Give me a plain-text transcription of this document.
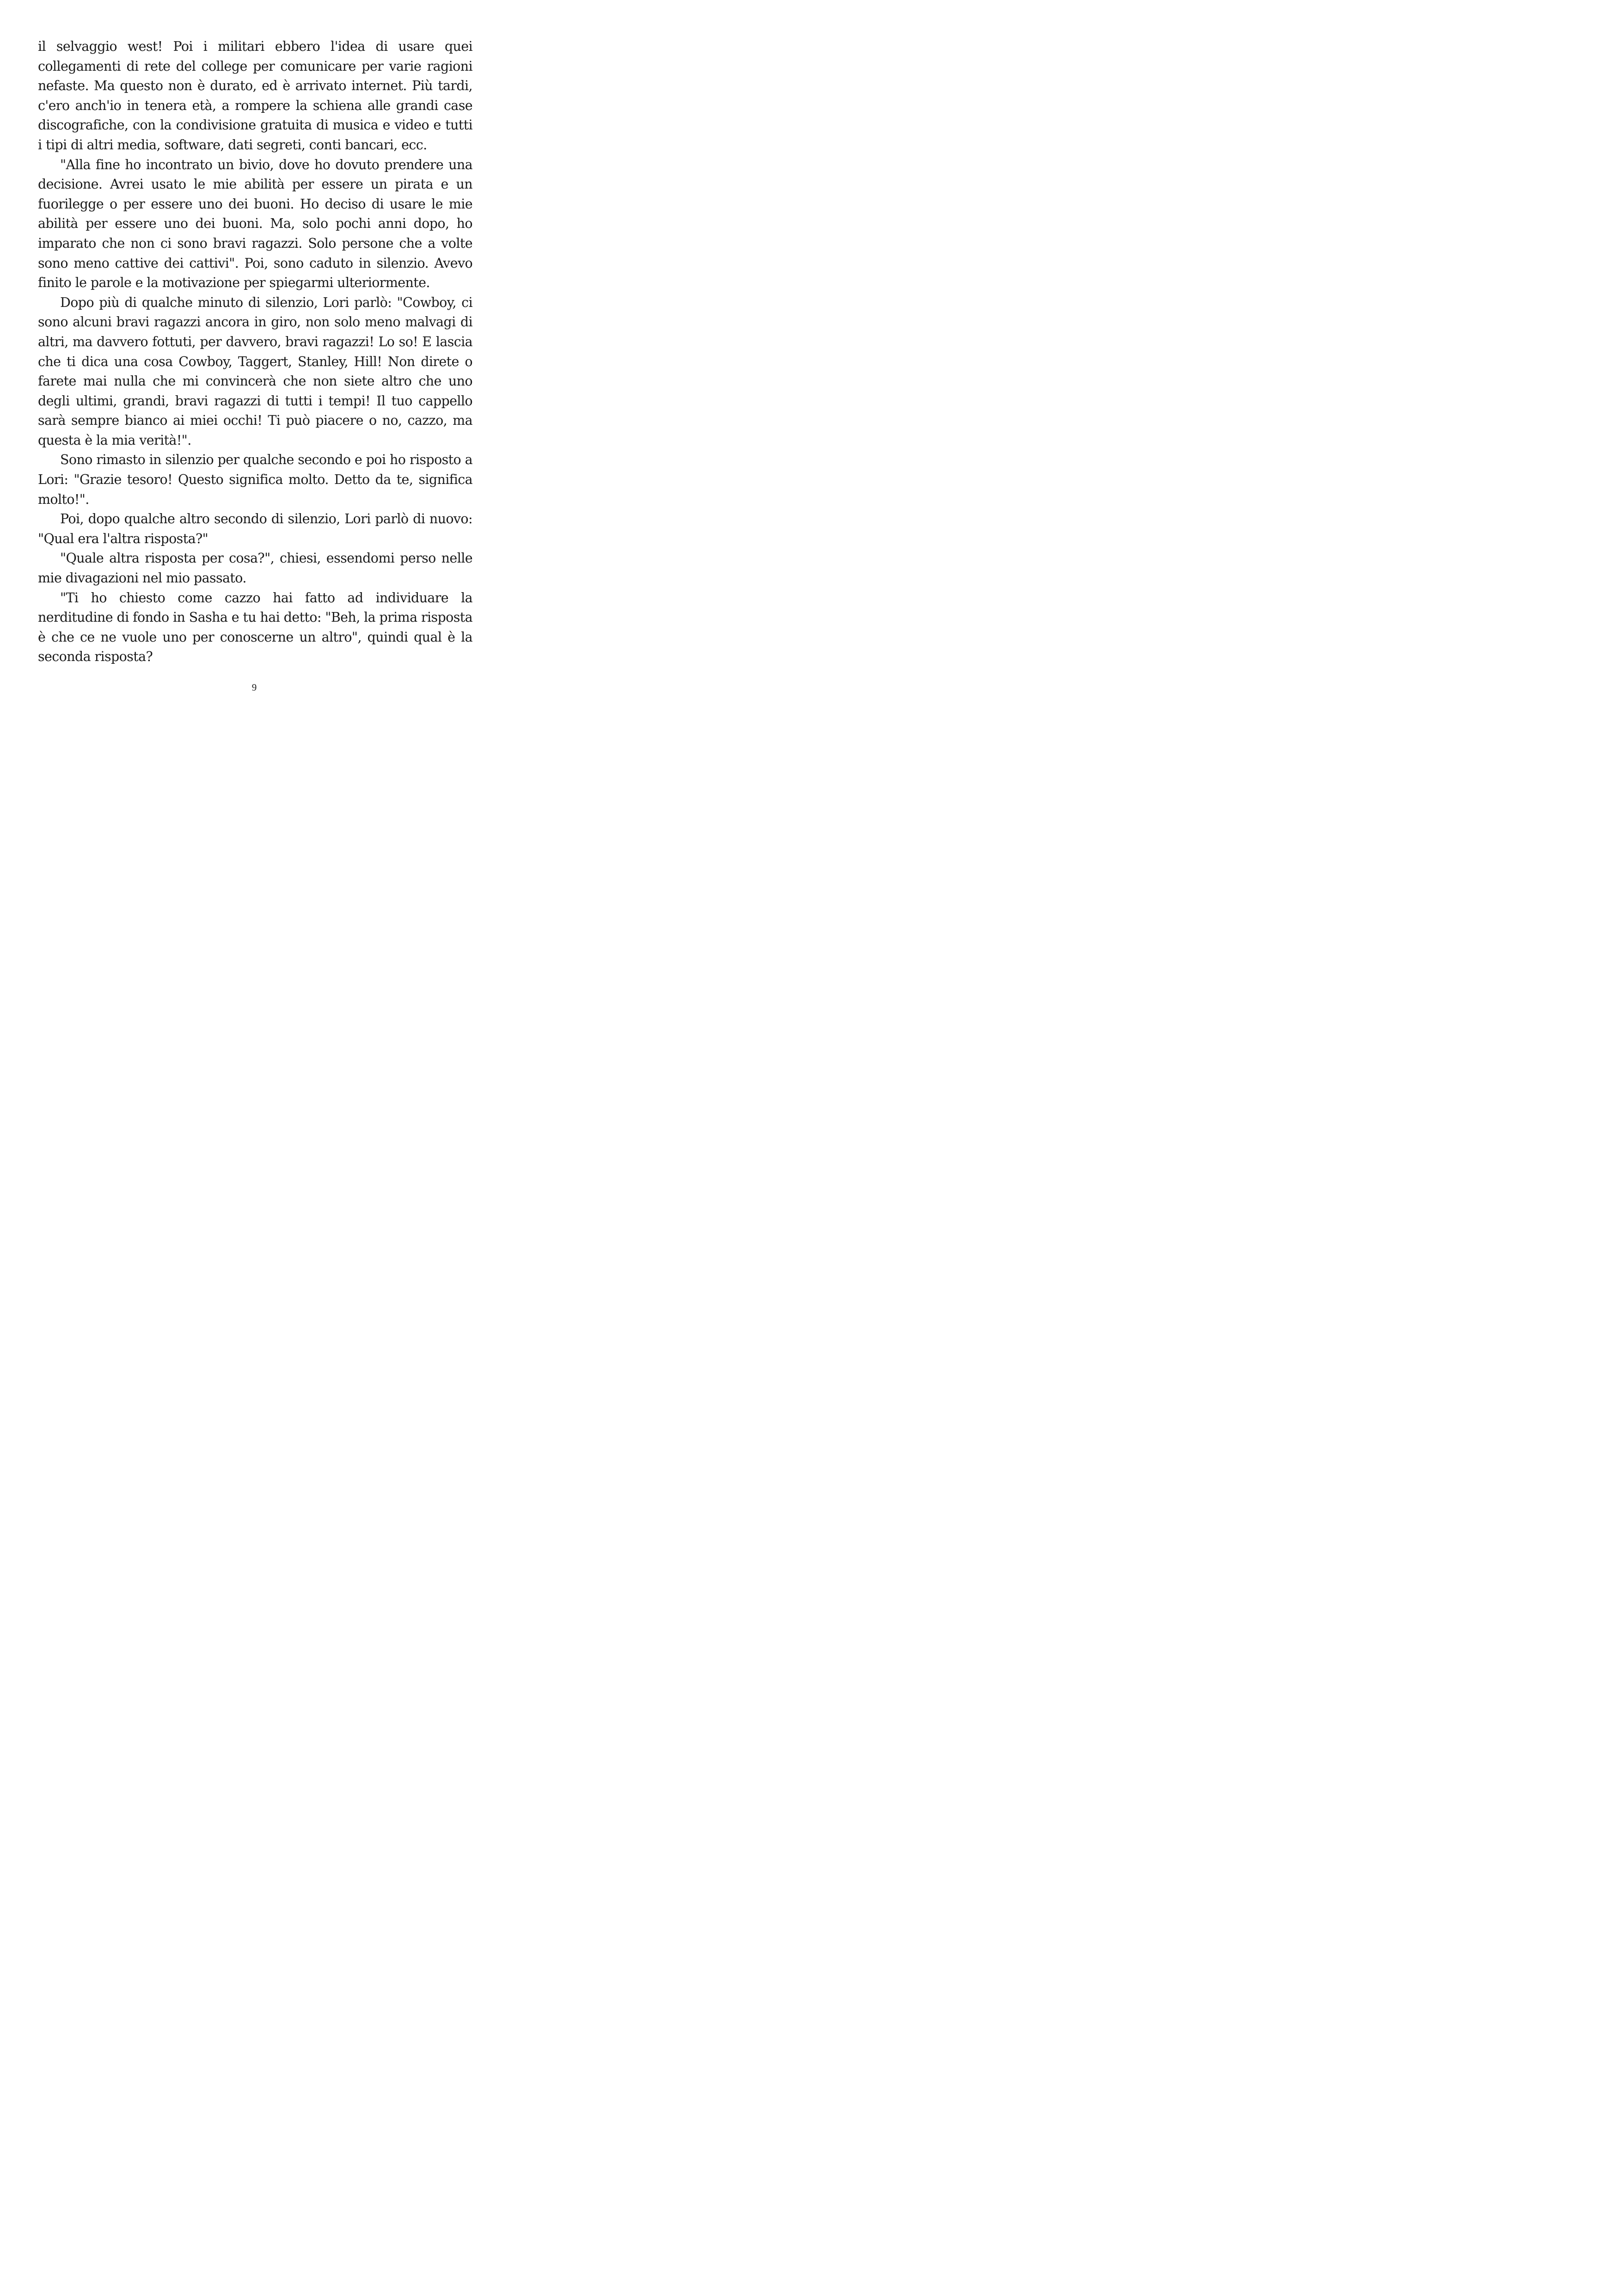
il selvaggio west! Poi i militari ebbero l'idea di usare quei collegamenti di rete del college per comunicare per varie ragioni nefaste. Ma questo non è durato, ed è arrivato internet. Più tardi, c'ero anch'io in tenera età, a rompere la schiena alle grandi case discografiche, con la condivisione gratuita di musica e video e tutti i tipi di altri media, software, dati segreti, conti bancari, ecc.

"Alla fine ho incontrato un bivio, dove ho dovuto prendere una decisione. Avrei usato le mie abilità per essere un pirata e un fuorilegge o per essere uno dei buoni. Ho deciso di usare le mie abilità per essere uno dei buoni. Ma, solo pochi anni dopo, ho imparato che non ci sono bravi ragazzi. Solo persone che a volte sono meno cattive dei cattivi". Poi, sono caduto in silenzio. Avevo finito le parole e la motivazione per spiegarmi ulteriormente.

Dopo più di qualche minuto di silenzio, Lori parlò: "Cowboy, ci sono alcuni bravi ragazzi ancora in giro, non solo meno malvagi di altri, ma davvero fottuti, per davvero, bravi ragazzi! Lo so! E lascia che ti dica una cosa Cowboy, Taggert, Stanley, Hill! Non direte o farete mai nulla che mi convincerà che non siete altro che uno degli ultimi, grandi, bravi ragazzi di tutti i tempi! Il tuo cappello sarà sempre bianco ai miei occhi! Ti può piacere o no, cazzo, ma questa è la mia verità!".

Sono rimasto in silenzio per qualche secondo e poi ho risposto a Lori: "Grazie tesoro! Questo significa molto. Detto da te, significa molto!".

Poi, dopo qualche altro secondo di silenzio, Lori parlò di nuovo: "Qual era l'altra risposta?"

"Quale altra risposta per cosa?", chiesi, essendomi perso nelle mie divagazioni nel mio passato.

"Ti ho chiesto come cazzo hai fatto ad individuare la nerditudine di fondo in Sasha e tu hai detto: "Beh, la prima risposta è che ce ne vuole uno per conoscerne un altro", quindi qual è la seconda risposta?

9
